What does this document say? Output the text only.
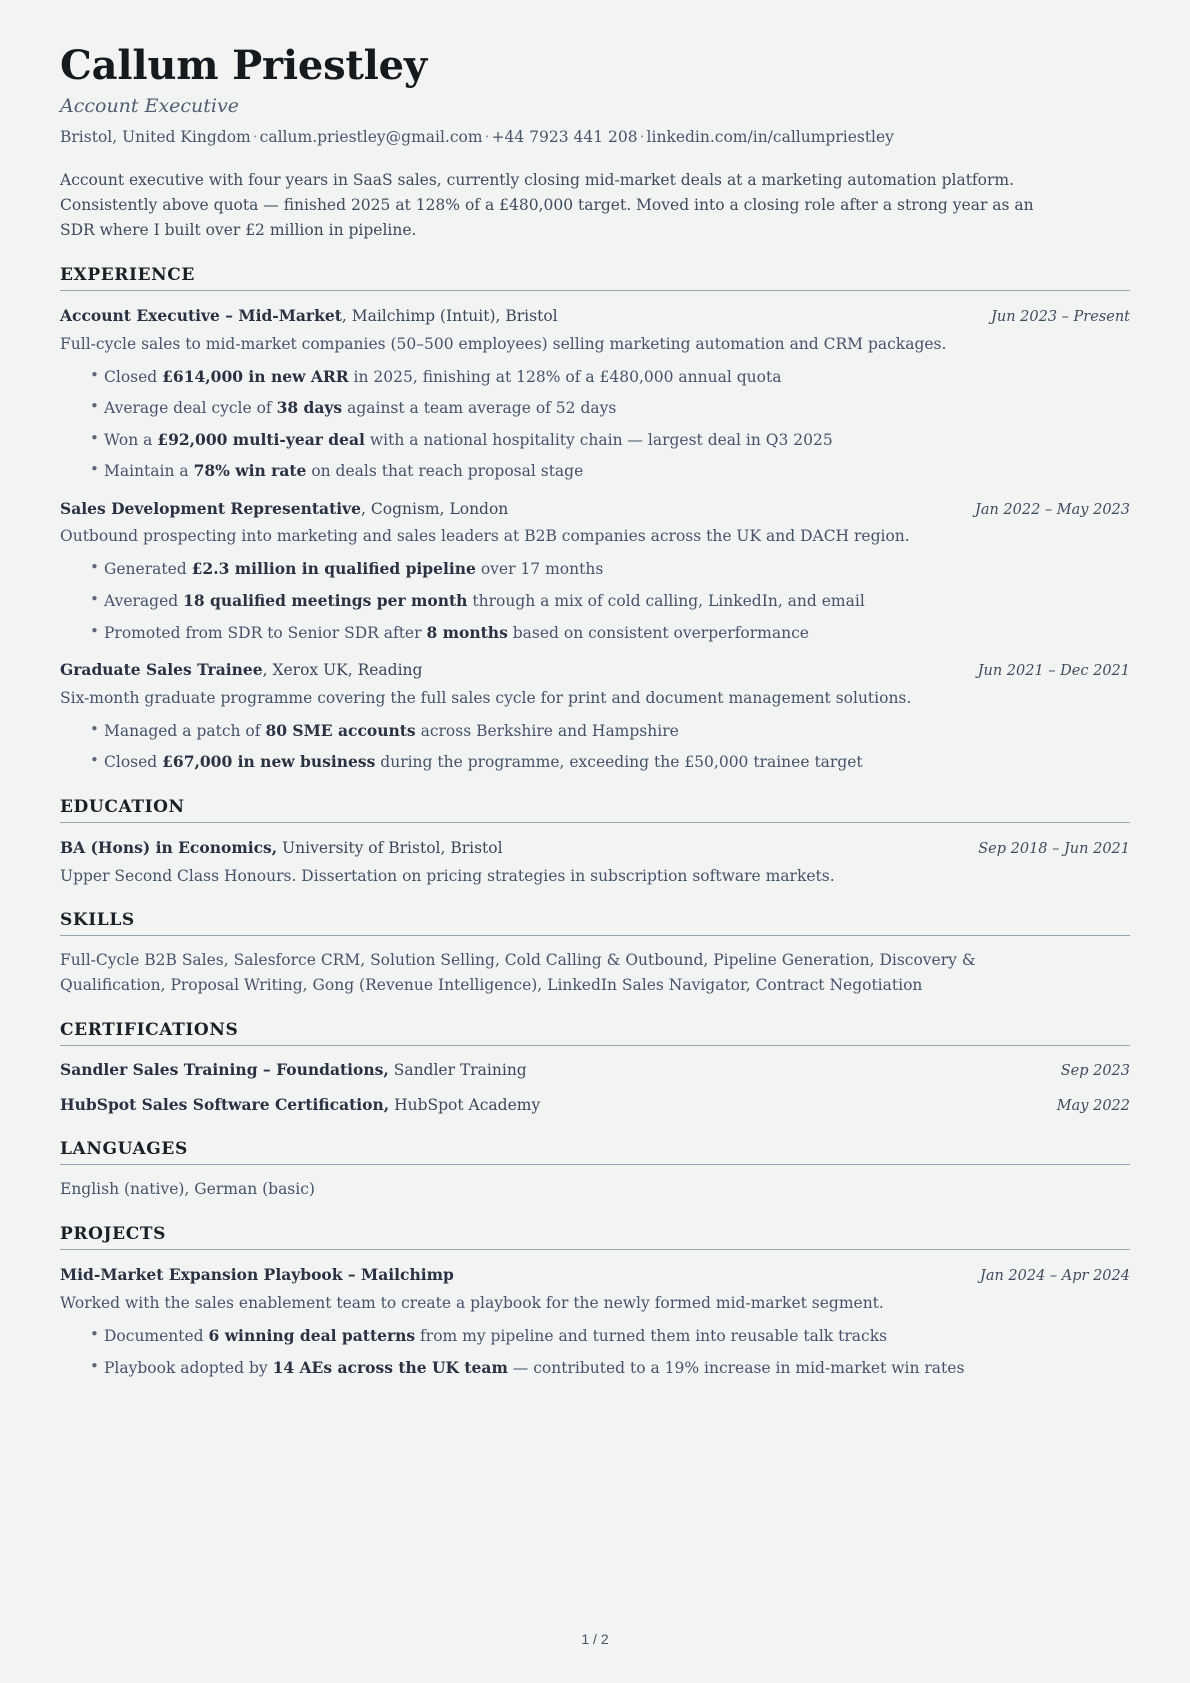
Callum Priestley
Account Executive
Bristol, United Kingdom · callum.priestley@gmail.com · +44 7923 441 208 · linkedin.com/in/callumpriestley

Account executive with four years in SaaS sales, currently closing mid-market deals at a marketing automation platform. Consistently above quota — finished 2025 at 128% of a £480,000 target. Moved into a closing role after a strong year as an SDR where I built over £2 million in pipeline.

EXPERIENCE
Account Executive – Mid-Market, Mailchimp (Intuit), Bristol	Jun 2023 – Present
Full-cycle sales to mid-market companies (50–500 employees) selling marketing automation and CRM packages.
• Closed £614,000 in new ARR in 2025, finishing at 128% of a £480,000 annual quota
• Average deal cycle of 38 days against a team average of 52 days
• Won a £92,000 multi-year deal with a national hospitality chain — largest deal in Q3 2025
• Maintain a 78% win rate on deals that reach proposal stage
Sales Development Representative, Cognism, London	Jan 2022 – May 2023
Outbound prospecting into marketing and sales leaders at B2B companies across the UK and DACH region.
• Generated £2.3 million in qualified pipeline over 17 months
• Averaged 18 qualified meetings per month through a mix of cold calling, LinkedIn, and email
• Promoted from SDR to Senior SDR after 8 months based on consistent overperformance
Graduate Sales Trainee, Xerox UK, Reading	Jun 2021 – Dec 2021
Six-month graduate programme covering the full sales cycle for print and document management solutions.
• Managed a patch of 80 SME accounts across Berkshire and Hampshire
• Closed £67,000 in new business during the programme, exceeding the £50,000 trainee target
EDUCATION
BA (Hons) in Economics, University of Bristol, Bristol	Sep 2018 – Jun 2021
Upper Second Class Honours. Dissertation on pricing strategies in subscription software markets.
SKILLS
Full-Cycle B2B Sales, Salesforce CRM, Solution Selling, Cold Calling & Outbound, Pipeline Generation, Discovery & Qualification, Proposal Writing, Gong (Revenue Intelligence), LinkedIn Sales Navigator, Contract Negotiation
CERTIFICATIONS
Sandler Sales Training – Foundations, Sandler Training	Sep 2023
HubSpot Sales Software Certification, HubSpot Academy	May 2022
LANGUAGES
English (native), German (basic)
PROJECTS
Mid-Market Expansion Playbook – Mailchimp	Jan 2024 – Apr 2024
Worked with the sales enablement team to create a playbook for the newly formed mid-market segment.
• Documented 6 winning deal patterns from my pipeline and turned them into reusable talk tracks
• Playbook adopted by 14 AEs across the UK team — contributed to a 19% increase in mid-market win rates
1 / 2
